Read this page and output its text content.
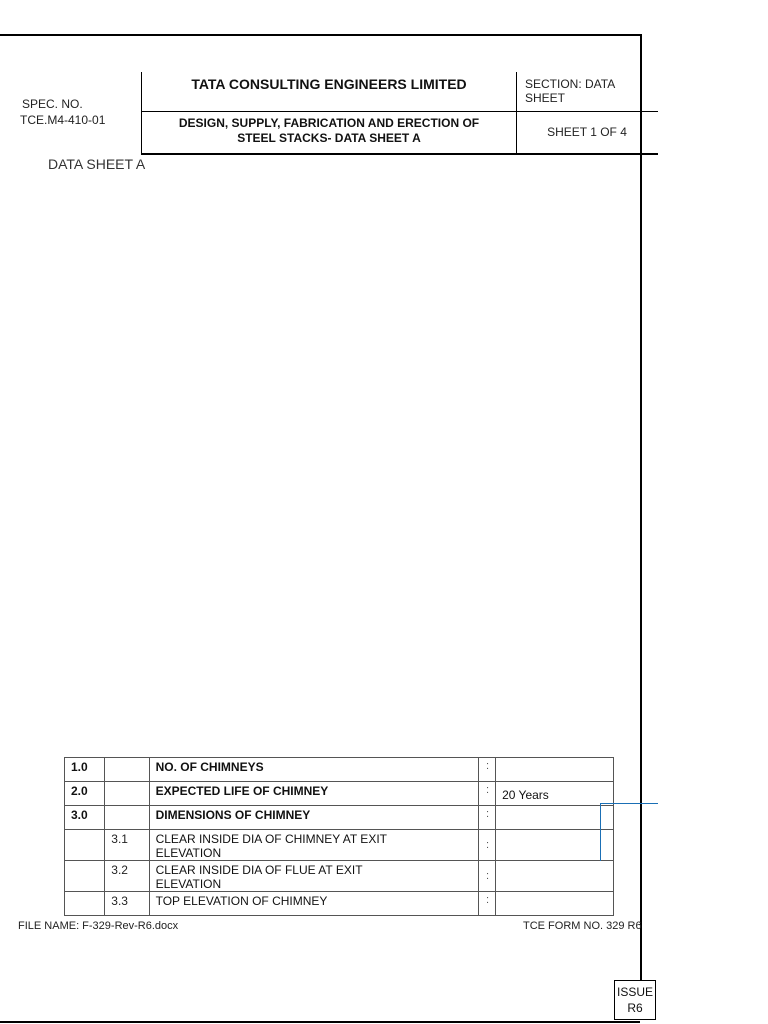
SPEC. NO.
TCE.M4-410-01
TATA CONSULTING ENGINEERS LIMITED	SECTION: DATA
SHEET
DESIGN, SUPPLY, FABRICATION AND ERECTION OF
STEEL STACKS- DATA SHEET A	SHEET 1 OF 4
DATA SHEET A
1.0		NO. OF CHIMNEYS	:	
2.0		EXPECTED LIFE OF CHIMNEY	:	20 Years
3.0		DIMENSIONS OF CHIMNEY	:	
	3.1	CLEAR INSIDE DIA OF CHIMNEY AT EXIT
ELEVATION	:	
	3.2	CLEAR INSIDE DIA OF FLUE AT EXIT
ELEVATION	:	
	3.3	TOP ELEVATION OF CHIMNEY	:	
FILE NAME: F-329-Rev-R6.docx	TCE FORM NO. 329 R6
ISSUE
R6
